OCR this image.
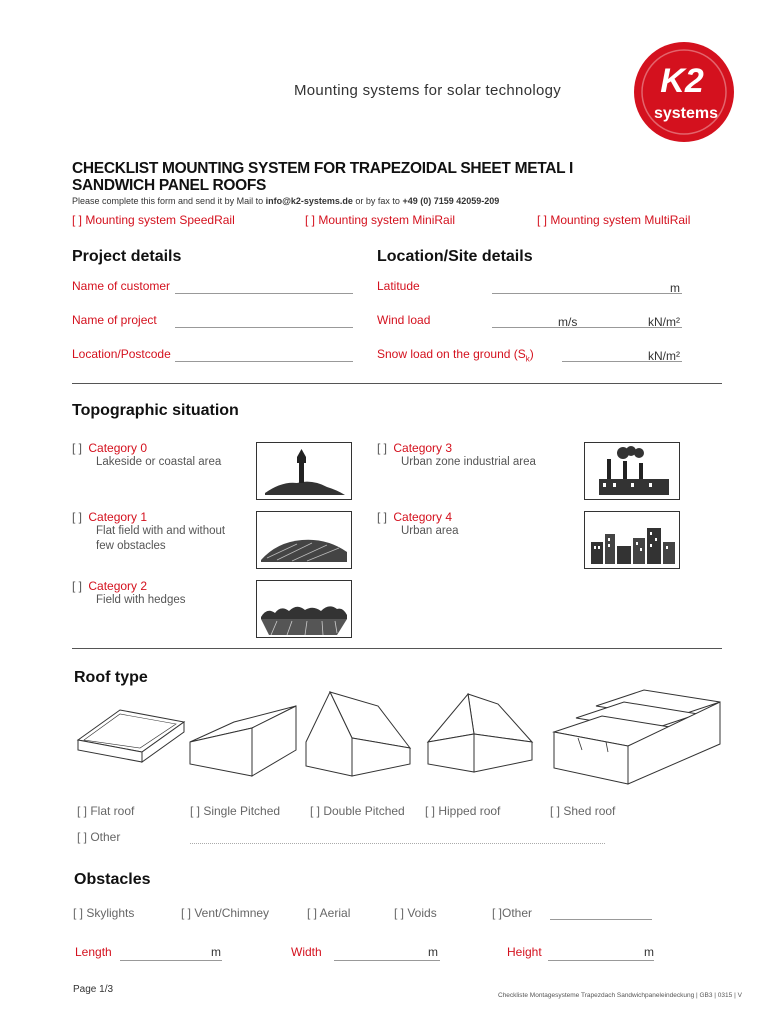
Mounting systems for solar technology	K2
systems
CHECKLIST MOUNTING SYSTEM FOR TRAPEZOIDAL SHEET METAL I
SANDWICH PANEL ROOFS
Please complete this form and send it by Mail to info@k2-systems.de or by fax to +49 (0) 7159 42059-209
[ ] Mounting system SpeedRail	[ ] Mounting system MiniRail	[ ] Mounting system MultiRail
Project details
Name of customer
Name of project
Location/Postcode
Location/Site details
Latitude	m
Wind load	m/s	kN/m²
Snow load on the ground $(S_k)$	kN/m²
Topographic situation
[ ] Category 0
Lakeside or coastal area
[ ] Category 1
Flat field with and without
few obstacles
[ ] Category 2
Field with hedges
[ ] Category 3
Urban zone industrial area
[ ] Category 4
Urban area
Roof type
[ ] Flat roof	[ ] Single Pitched [ ] Double Pitched [ ] Hipped roof	[ ] Shed roof
[ ] Other
Obstacles
[ ] Skylights	[ ] Vent/Chimney	[ ] Aerial	[ ] Voids	[ ]Other
Length	m	Width	m	Height	m
Page 1/3
Checkliste Montagesysteme Trapezdach Sandwichpaneleindeckung | GB3 | 0315 | V
